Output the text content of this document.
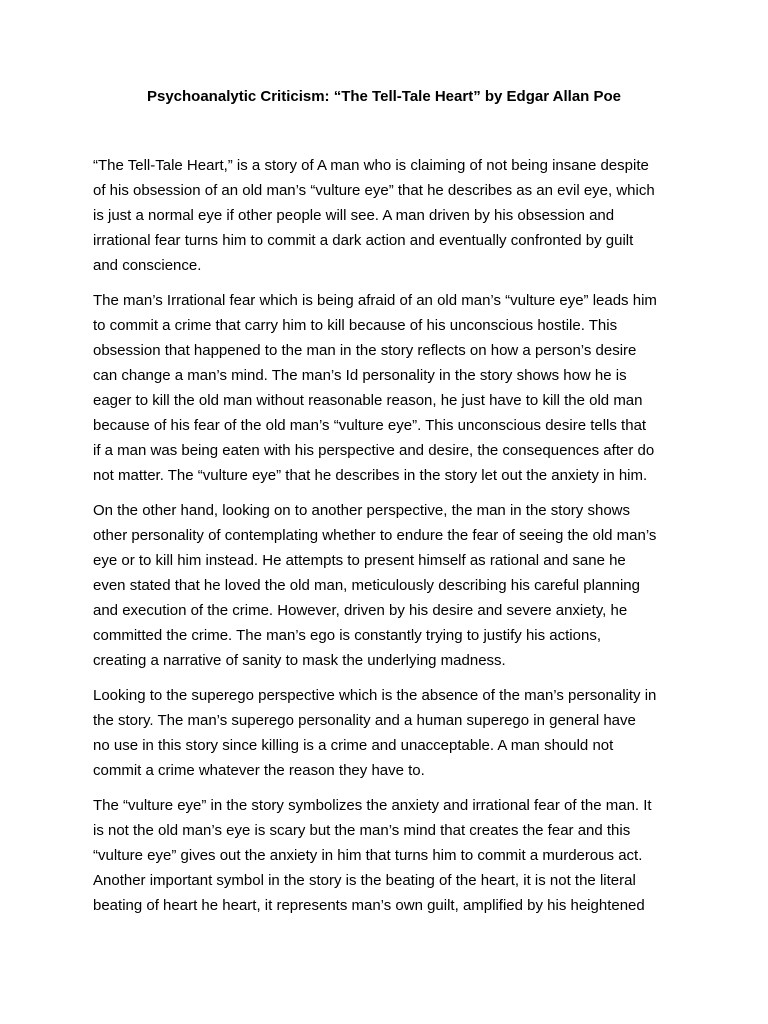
Psychoanalytic Criticism: “The Tell-Tale Heart” by Edgar Allan Poe
“The Tell-Tale Heart,” is a story of A man who is claiming of not being insane despite
of his obsession of an old man’s “vulture eye” that he describes as an evil eye, which
is just a normal eye if other people will see. A man driven by his obsession and
irrational fear turns him to commit a dark action and eventually confronted by guilt
and conscience.
The man’s Irrational fear which is being afraid of an old man’s “vulture eye” leads him
to commit a crime that carry him to kill because of his unconscious hostile. This
obsession that happened to the man in the story reflects on how a person’s desire
can change a man’s mind. The man’s Id personality in the story shows how he is
eager to kill the old man without reasonable reason, he just have to kill the old man
because of his fear of the old man’s “vulture eye”. This unconscious desire tells that
if a man was being eaten with his perspective and desire, the consequences after do
not matter. The “vulture eye” that he describes in the story let out the anxiety in him.
On the other hand, looking on to another perspective, the man in the story shows
other personality of contemplating whether to endure the fear of seeing the old man’s
eye or to kill him instead. He attempts to present himself as rational and sane he
even stated that he loved the old man, meticulously describing his careful planning
and execution of the crime. However, driven by his desire and severe anxiety, he
committed the crime. The man’s ego is constantly trying to justify his actions,
creating a narrative of sanity to mask the underlying madness.
Looking to the superego perspective which is the absence of the man’s personality in
the story. The man’s superego personality and a human superego in general have
no use in this story since killing is a crime and unacceptable. A man should not
commit a crime whatever the reason they have to.
The “vulture eye” in the story symbolizes the anxiety and irrational fear of the man. It
is not the old man’s eye is scary but the man’s mind that creates the fear and this
“vulture eye” gives out the anxiety in him that turns him to commit a murderous act.
Another important symbol in the story is the beating of the heart, it is not the literal
beating of heart he heart, it represents man’s own guilt, amplified by his heightened
